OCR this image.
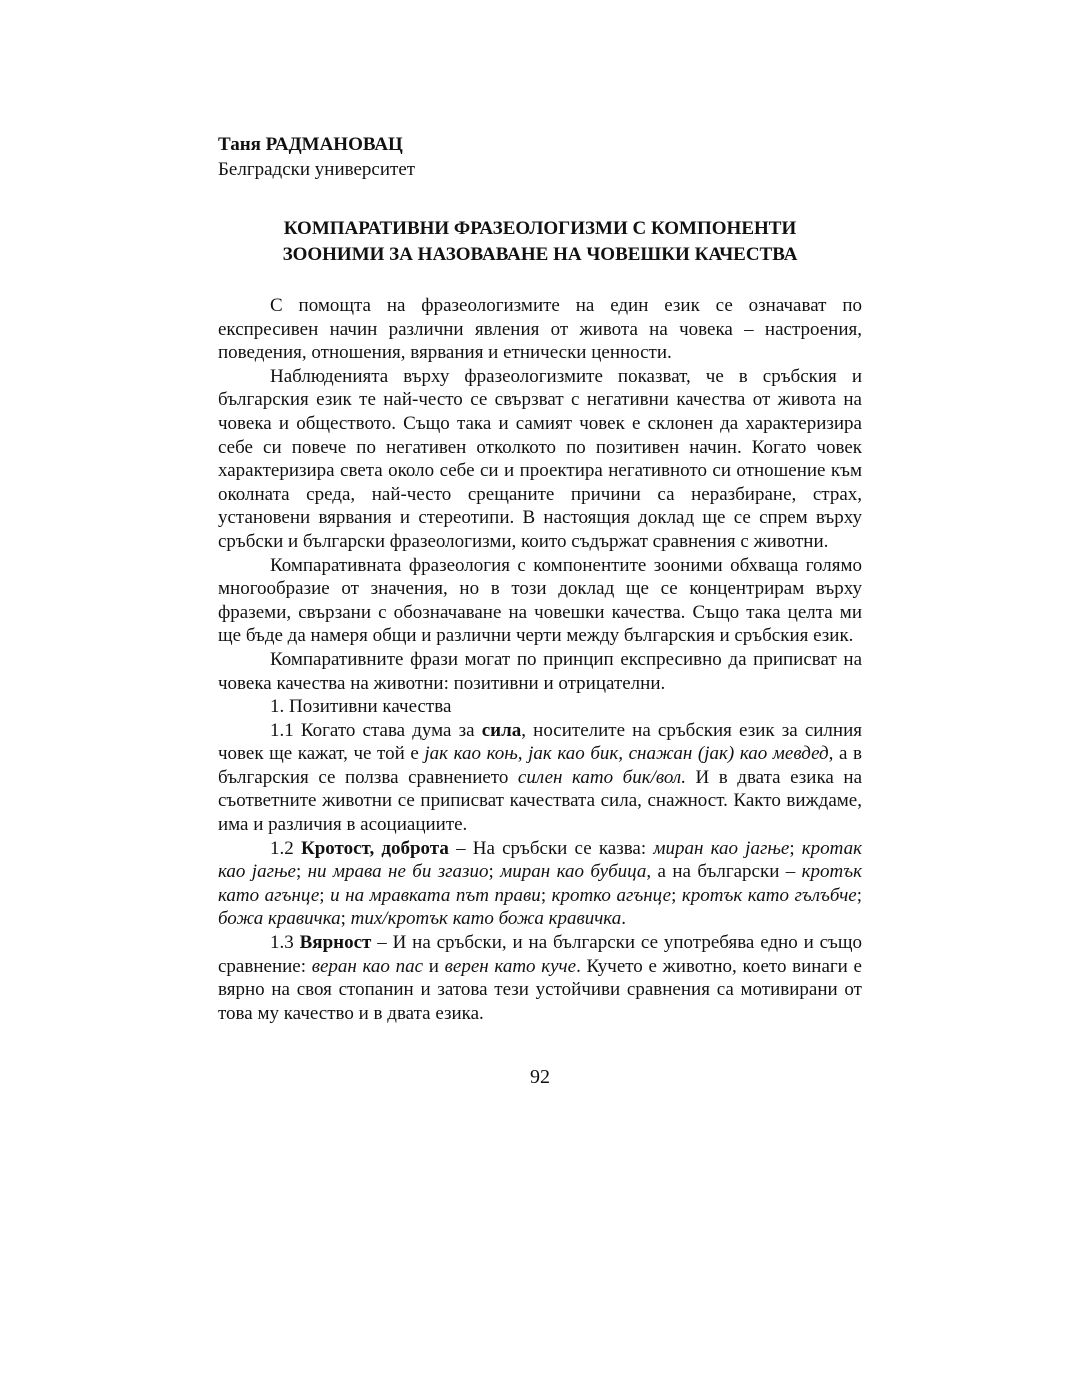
Таня РАДМАНОВАЦ
Белградски университет
КОМПАРАТИВНИ ФРАЗЕОЛОГИЗМИ С КОМПОНЕНТИ
ЗООНИМИ ЗА НАЗОВАВАНЕ НА ЧОВЕШКИ КАЧЕСТВА

С помощта на фразеологизмите на един език се означават по експресивен начин различни явления от живота на човека – настроения, поведения, отношения, вярвания и етнически ценности.

Наблюденията върху фразеологизмите показват, че в сръбския и българския език те най-често се свързват с негативни качества от живота на човека и обществото. Също така и самият човек е склонен да характеризира себе си повече по негативен отколкото по позитивен начин. Когато човек характеризира света около себе си и проектира негативното си отношение към околната среда, най-често срещаните причини са неразбиране, страх, установени вярвания и стереотипи. В настоящия доклад ще се спрем върху сръбски и български фразеологизми, които съдържат сравнения с животни.

Компаративната фразеология с компонентите зооними обхваща голямо многообразие от значения, но в този доклад ще се концентрирам върху фраземи, свързани с обозначаване на човешки качества. Също така целта ми ще бъде да намеря общи и различни черти между българския и сръбския език.

Компаративните фрази могат по принцип експресивно да приписват на човека качества на животни: позитивни и отрицателни.

1. Позитивни качества

1.1 Когато става дума за сила, носителите на сръбския език за силния човек ще кажат, че той е јак као коњ, јак као бик, снажан (јак) као мевдед, а в българския се ползва сравнението силен като бик/вол. И в двата езика на съответните животни се приписват качествата сила, снажност. Както виждаме, има и различия в асоциациите.

1.2 Кротост, доброта – На сръбски се казва: миран као јагње; кротак као јагње; ни мрава не би згазио; миран као бубица, а на български – кротък като агънце; и на мравката път прави; кротко агънце; кротък като гълъбче; божа кравичка; тих/кротък като божа кравичка.

1.3 Вярност – И на сръбски, и на български се употребява едно и също сравнение: веран као пас и верен като куче. Кучето е животно, което винаги е вярно на своя стопанин и затова тези устойчиви сравнения са мотивирани от това му качество и в двата езика.

92
